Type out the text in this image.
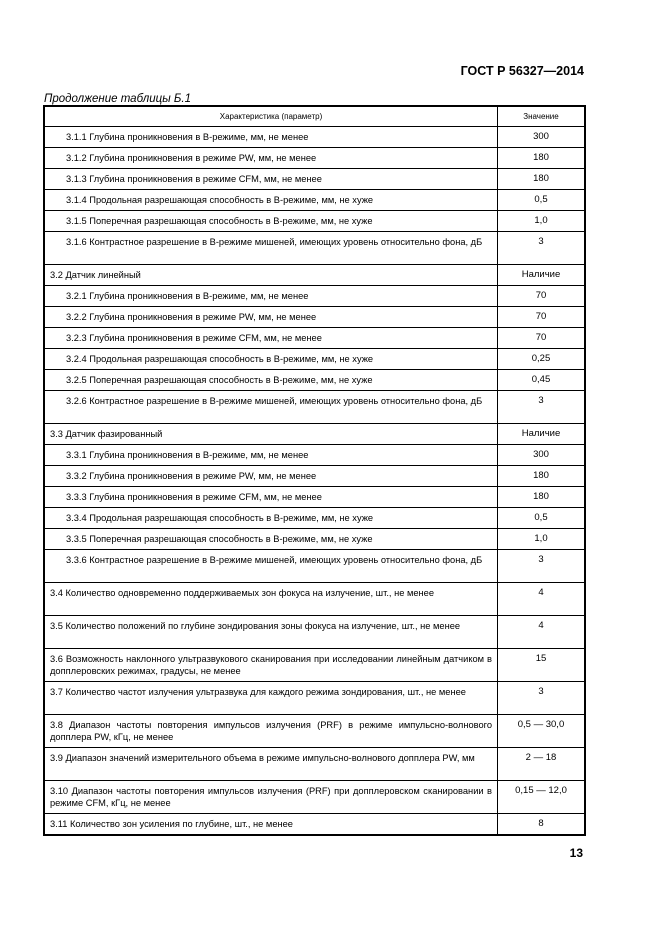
ГОСТ Р 56327—2014
Продолжение таблицы Б.1
Характеристика (параметр)	Значение
3.1.1 Глубина проникновения в В-режиме, мм, не менее	300
3.1.2 Глубина проникновения в режиме PW, мм, не менее	180
3.1.3 Глубина проникновения в режиме CFM, мм, не менее	180
3.1.4 Продольная разрешающая способность в В-режиме, мм, не хуже	0,5
3.1.5 Поперечная разрешающая способность в В-режиме, мм, не хуже	1,0
3.1.6 Контрастное разрешение в В-режиме мишеней, имеющих уровень относительно фона, дБ	3
3.2 Датчик линейный	Наличие
3.2.1 Глубина проникновения в В-режиме, мм, не менее	70
3.2.2 Глубина проникновения в режиме PW, мм, не менее	70
3.2.3 Глубина проникновения в режиме CFM, мм, не менее	70
3.2.4 Продольная разрешающая способность в В-режиме, мм, не хуже	0,25
3.2.5 Поперечная разрешающая способность в В-режиме, мм, не хуже	0,45
3.2.6 Контрастное разрешение в В-режиме мишеней, имеющих уровень относительно фона, дБ	3
3.3 Датчик фазированный	Наличие
3.3.1 Глубина проникновения в В-режиме, мм, не менее	300
3.3.2 Глубина проникновения в режиме PW, мм, не менее	180
3.3.3 Глубина проникновения в режиме CFM, мм, не менее	180
3.3.4 Продольная разрешающая способность в В-режиме, мм, не хуже	0,5
3.3.5 Поперечная разрешающая способность в В-режиме, мм, не хуже	1,0
3.3.6 Контрастное разрешение в В-режиме мишеней, имеющих уровень относительно фона, дБ	3
3.4 Количество одновременно поддерживаемых зон фокуса на излучение, шт., не менее	4
3.5 Количество положений по глубине зондирования зоны фокуса на излучение, шт., не менее	4
3.6 Возможность наклонного ультразвукового сканирования при исследовании линейным датчиком в допплеровских режимах, градусы, не менее	15
3.7 Количество частот излучения ультразвука для каждого режима зондирования, шт., не менее	3
3.8 Диапазон частоты повторения импульсов излучения (PRF) в режиме импульсно-волнового допплера PW, кГц, не менее	0,5 — 30,0
3.9 Диапазон значений измерительного объема в режиме импульсно-волнового допплера PW, мм	2 — 18
3.10 Диапазон частоты повторения импульсов излучения (PRF) при допплеровском сканировании в режиме CFM, кГц, не менее	0,15 — 12,0
3.11 Количество зон усиления по глубине, шт., не менее	8
13
